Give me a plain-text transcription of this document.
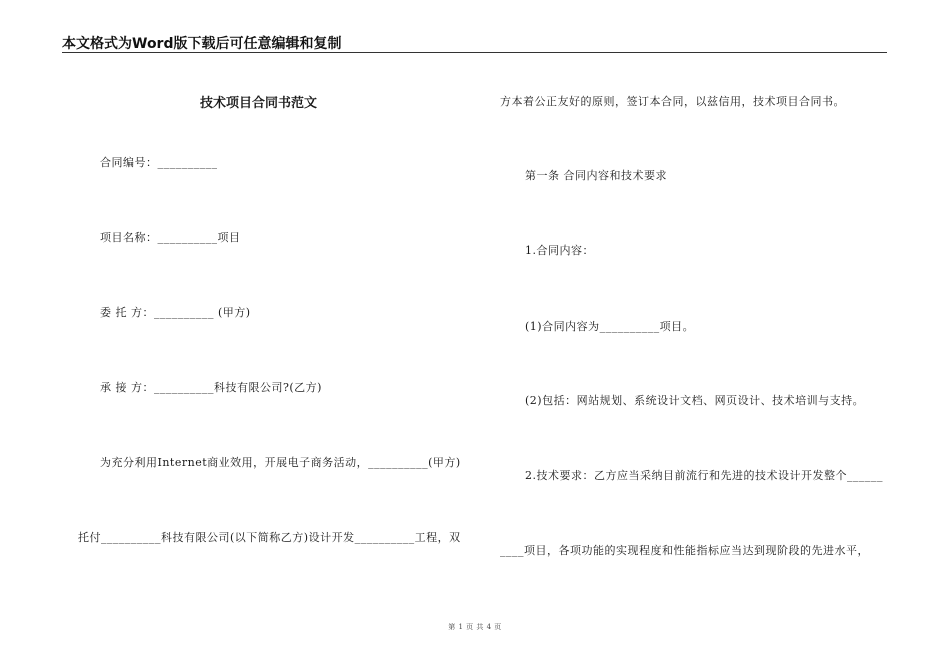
本文格式为Word版下载后可任意编辑和复制
技术项目合同书范文
合同编号：__________
项目名称：__________项目
委 托 方：__________ (甲方)
承 接 方：__________科技有限公司?(乙方)
为充分利用Internet商业效用，开展电子商务活动，__________(甲方)
托付__________科技有限公司(以下简称乙方)设计开发__________工程，双
方本着公正友好的原则，签订本合同，以兹信用，技术项目合同书。
第一条 合同内容和技术要求
1.合同内容：
(1)合同内容为__________项目。
(2)包括：网站规划、系统设计文档、网页设计、技术培训与支持。
2.技术要求：乙方应当采纳目前流行和先进的技术设计开发整个______
____项目，各项功能的实现程度和性能指标应当达到现阶段的先进水平，
第 1 页 共 4 页
